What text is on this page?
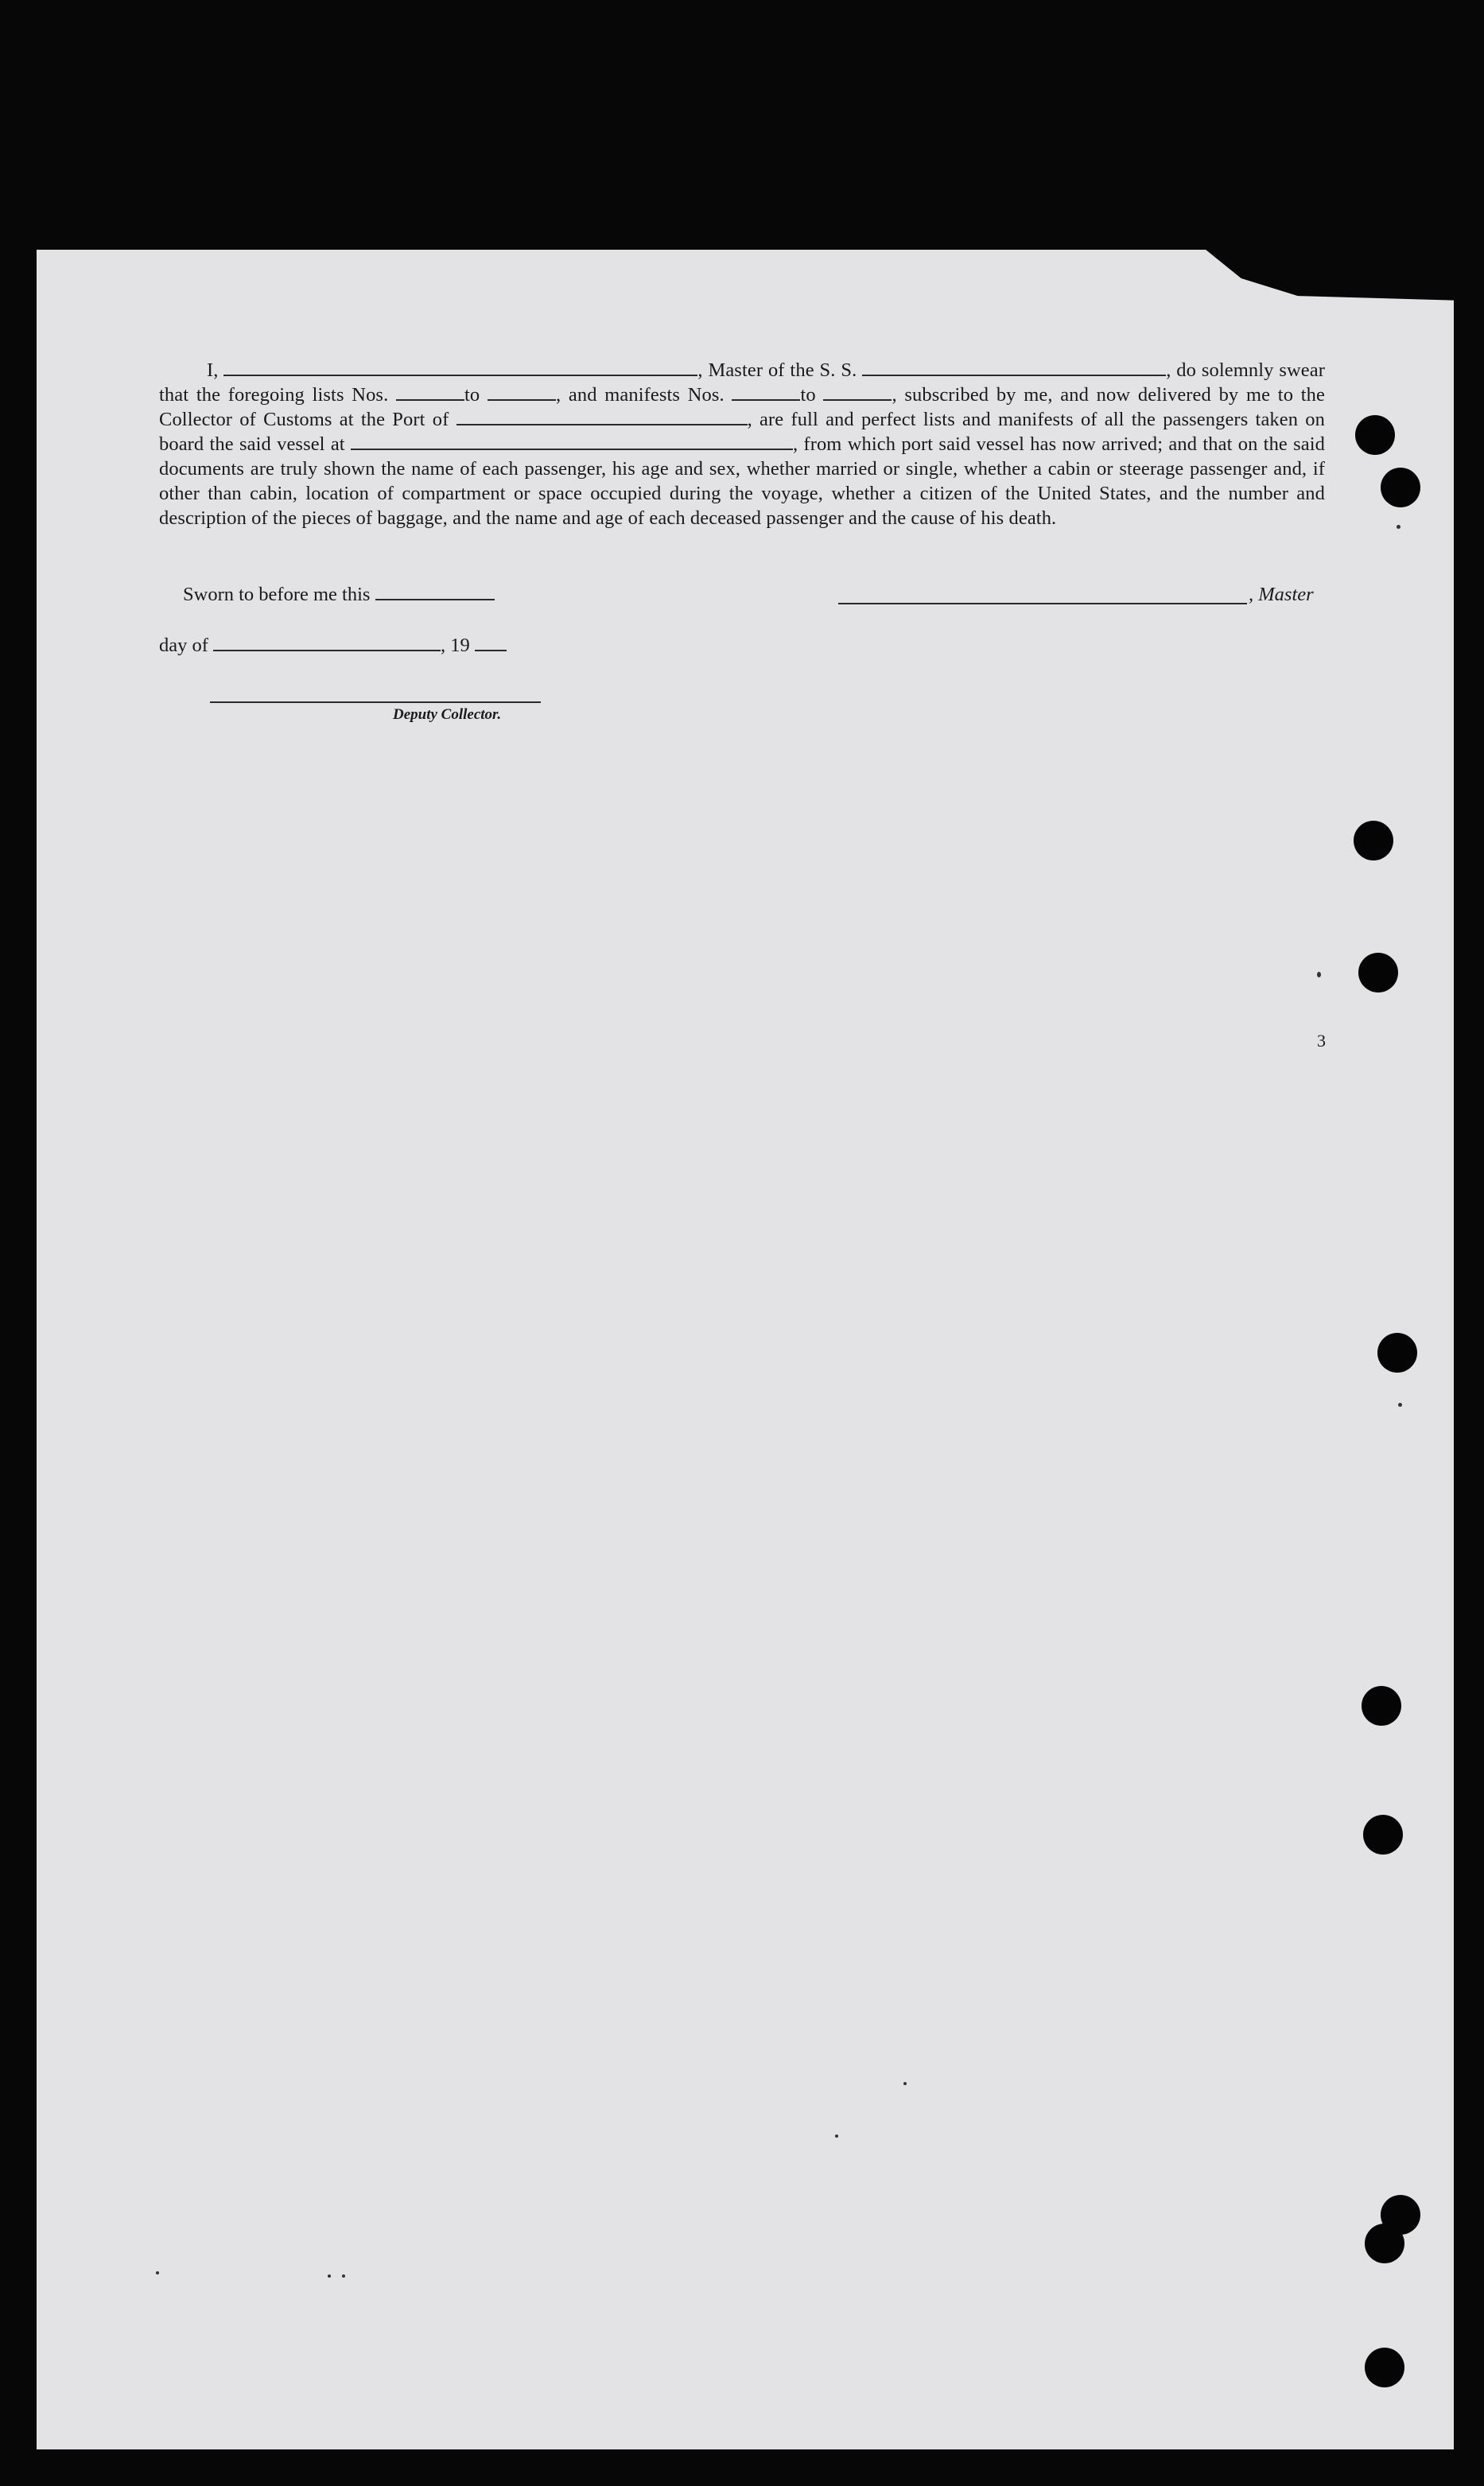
I,	, Master of the S. S.	, do solemnly swear that the foregoing lists Nos.	to	, and manifests Nos.	to	, subscribed by me, and now delivered by me to the Collector of Customs at the Port of	, are full and perfect lists and manifests of all the passengers taken on board the said vessel at	, from which port said vessel has now arrived; and that on the said documents are truly shown the name of each passenger, his age and sex, whether married or single, whether a cabin or steerage passenger and, if other than cabin, location of compartment or space occupied during the voyage, whether a citizen of the United States, and the number and description of the pieces of baggage, and the name and age of each deceased passenger and the cause of his death.

Sworn to before me this	, Master
day of	, 19
Deputy Collector.
3
